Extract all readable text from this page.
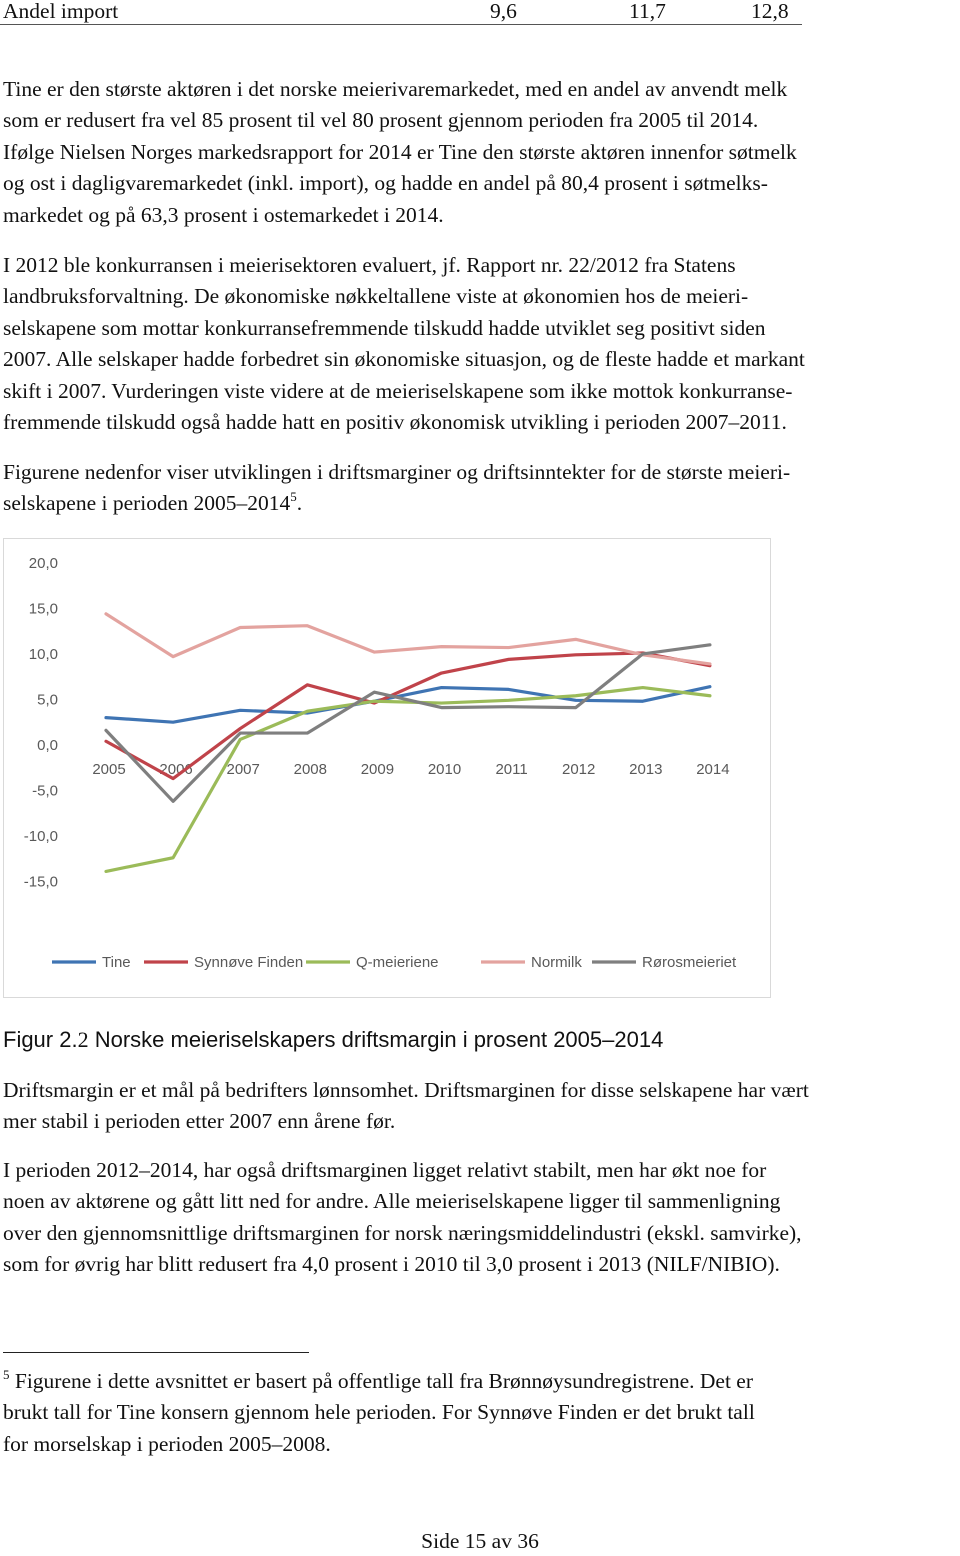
Andel import	9,6	11,7	12,8
Tine er den største aktøren i det norske meierivaremarkedet, med en andel av anvendt melk
som er redusert fra vel 85 prosent til vel 80 prosent gjennom perioden fra 2005 til 2014.
Ifølge Nielsen Norges markedsrapport for 2014 er Tine den største aktøren innenfor søtmelk
og ost i dagligvaremarkedet (inkl. import), og hadde en andel på 80,4 prosent i søtmelks-
markedet og på 63,3 prosent i ostemarkedet i 2014.
I 2012 ble konkurransen i meierisektoren evaluert, jf. Rapport nr. 22/2012 fra Statens
landbruksforvaltning. De økonomiske nøkkeltallene viste at økonomien hos de meieri-
selskapene som mottar konkurransefremmende tilskudd hadde utviklet seg positivt siden
2007. Alle selskaper hadde forbedret sin økonomiske situasjon, og de fleste hadde et markant
skift i 2007. Vurderingen viste videre at de meieriselskapene som ikke mottok konkurranse-
fremmende tilskudd også hadde hatt en positiv økonomisk utvikling i perioden 2007–2011.
Figurene nedenfor viser utviklingen i driftsmarginer og driftsinntekter for de største meieri-
selskapene i perioden 2005–2014$^5$.
20,0
15,0
10,0
5,0
0,0
-5,0
-10,0
-15,0
2005 2006 2007 2008 2009 2010 2011 2012 2013 2014
Tine	Synnøve Finden	Q-meieriene	Normilk	Rørosmeieriet
Figur 2.2 Norske meieriselskapers driftsmargin i prosent 2005–2014
Driftsmargin er et mål på bedrifters lønnsomhet. Driftsmarginen for disse selskapene har vært
mer stabil i perioden etter 2007 enn årene før.
I perioden 2012–2014, har også driftsmarginen ligget relativt stabilt, men har økt noe for
noen av aktørene og gått litt ned for andre. Alle meieriselskapene ligger til sammenligning
over den gjennomsnittlige driftsmarginen for norsk næringsmiddelindustri (ekskl. samvirke),
som for øvrig har blitt redusert fra 4,0 prosent i 2010 til 3,0 prosent i 2013 (NILF/NIBIO).
$^5$ Figurene i dette avsnittet er basert på offentlige tall fra Brønnøysundregistrene. Det er
brukt tall for Tine konsern gjennom hele perioden. For Synnøve Finden er det brukt tall
for morselskap i perioden 2005–2008.
Side 15 av 36
